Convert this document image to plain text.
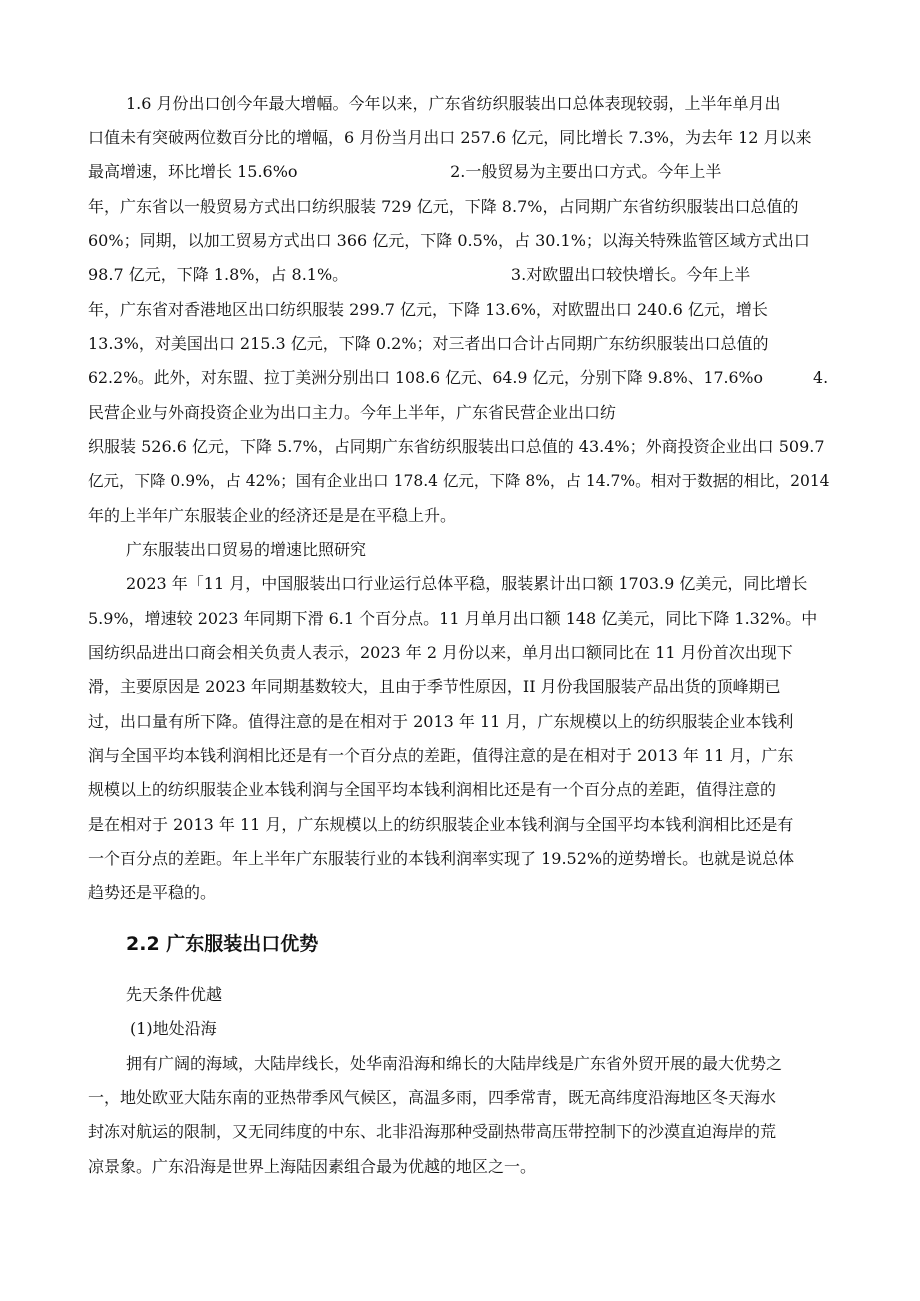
1.6 月份出口创今年最大增幅。今年以来，广东省纺织服装出口总体表现较弱，上半年单月出
口值未有突破两位数百分比的增幅，6 月份当月出口 257.6 亿元，同比增长 7.3%，为去年 12 月以来
最高增速，环比增长 15.6%o                              2.一般贸易为主要出口方式。今年上半
年，广东省以一般贸易方式出口纺织服装 729 亿元，下降 8.7%，占同期广东省纺织服装出口总值的
60%；同期，以加工贸易方式出口 366 亿元，下降 0.5%，占 30.1%；以海关特殊监管区域方式出口
98.7 亿元，下降 1.8%，占 8.1%。                                3.对欧盟出口较快增长。今年上半
年，广东省对香港地区出口纺织服装 299.7 亿元，下降 13.6%，对欧盟出口 240.6 亿元，增长
13.3%，对美国出口 215.3 亿元，下降 0.2%；对三者出口合计占同期广东纺织服装出口总值的
62.2%。此外，对东盟、拉丁美洲分别出口 108.6 亿元、64.9 亿元，分别下降 9.8%、17.6%o          4.
民营企业与外商投资企业为出口主力。今年上半年，广东省民营企业出口纺
织服装 526.6 亿元，下降 5.7%，占同期广东省纺织服装出口总值的 43.4%；外商投资企业出口 509.7
亿元，下降 0.9%，占 42%；国有企业出口 178.4 亿元，下降 8%，占 14.7%。相对于数据的相比，2014
年的上半年广东服装企业的经济还是是在平稳上升。
广东服装出口贸易的增速比照研究
2023 年「11 月，中国服装出口行业运行总体平稳，服装累计出口额 1703.9 亿美元，同比增长
5.9%，增速较 2023 年同期下滑 6.1 个百分点。11 月单月出口额 148 亿美元，同比下降 1.32%。中
国纺织品进出口商会相关负责人表示，2023 年 2 月份以来，单月出口额同比在 11 月份首次出现下
滑，主要原因是 2023 年同期基数较大，且由于季节性原因，II 月份我国服装产品出货的顶峰期已
过，出口量有所下降。值得注意的是在相对于 2013 年 11 月，广东规模以上的纺织服装企业本钱利
润与全国平均本钱利润相比还是有一个百分点的差距，值得注意的是在相对于 2013 年 11 月，广东
规模以上的纺织服装企业本钱利润与全国平均本钱利润相比还是有一个百分点的差距，值得注意的
是在相对于 2013 年 11 月，广东规模以上的纺织服装企业本钱利润与全国平均本钱利润相比还是有
一个百分点的差距。年上半年广东服装行业的本钱利润率实现了 19.52%的逆势增长。也就是说总体
趋势还是平稳的。
2.2 广东服装出口优势
先天条件优越
(1)地处沿海
拥有广阔的海域，大陆岸线长，处华南沿海和绵长的大陆岸线是广东省外贸开展的最大优势之
一，地处欧亚大陆东南的亚热带季风气候区，高温多雨，四季常青，既无高纬度沿海地区冬天海水
封冻对航运的限制，又无同纬度的中东、北非沿海那种受副热带高压带控制下的沙漠直迫海岸的荒
凉景象。广东沿海是世界上海陆因素组合最为优越的地区之一。
